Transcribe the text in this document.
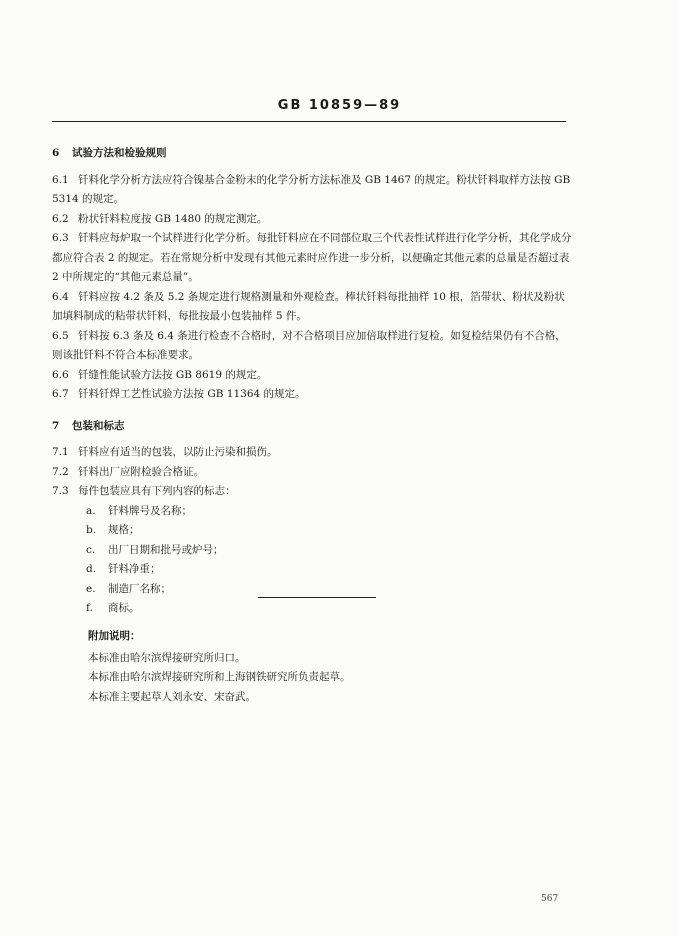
GB 10859—89
6 试验方法和检验规则

6.1 钎料化学分析方法应符合镍基合金粉末的化学分析方法标准及 GB 1467 的规定。粉状钎料取样方法按 GB 5314 的规定。

6.2 粉状钎料粒度按 GB 1480 的规定测定。

6.3 钎料应每炉取一个试样进行化学分析。每批钎料应在不同部位取三个代表性试样进行化学分析，其化学成分都应符合表 2 的规定。若在常规分析中发现有其他元素时应作进一步分析，以便确定其他元素的总量是否超过表 2 中所规定的“其他元素总量”。

6.4 钎料应按 4.2 条及 5.2 条规定进行规格测量和外观检查。棒状钎料每批抽样 10 根，箔带状、粉状及粉状加填料制成的粘带状钎料，每批按最小包装抽样 5 件。

6.5 钎料按 6.3 条及 6.4 条进行检查不合格时，对不合格项目应加倍取样进行复检。如复检结果仍有不合格，则该批钎料不符合本标准要求。

6.6 钎缝性能试验方法按 GB 8619 的规定。

6.7 钎料钎焊工艺性试验方法按 GB 11364 的规定。

7 包装和标志

7.1 钎料应有适当的包装，以防止污染和损伤。

7.2 钎料出厂应附检验合格证。

7.3 每件包装应具有下列内容的标志：

a. 钎料牌号及名称；
b. 规格；
c. 出厂日期和批号或炉号；
d. 钎料净重；
e. 制造厂名称；
f. 商标。
附加说明：
本标准由哈尔滨焊接研究所归口。
本标准由哈尔滨焊接研究所和上海钢铁研究所负责起草。
本标准主要起草人刘永安、宋奋武。
567
